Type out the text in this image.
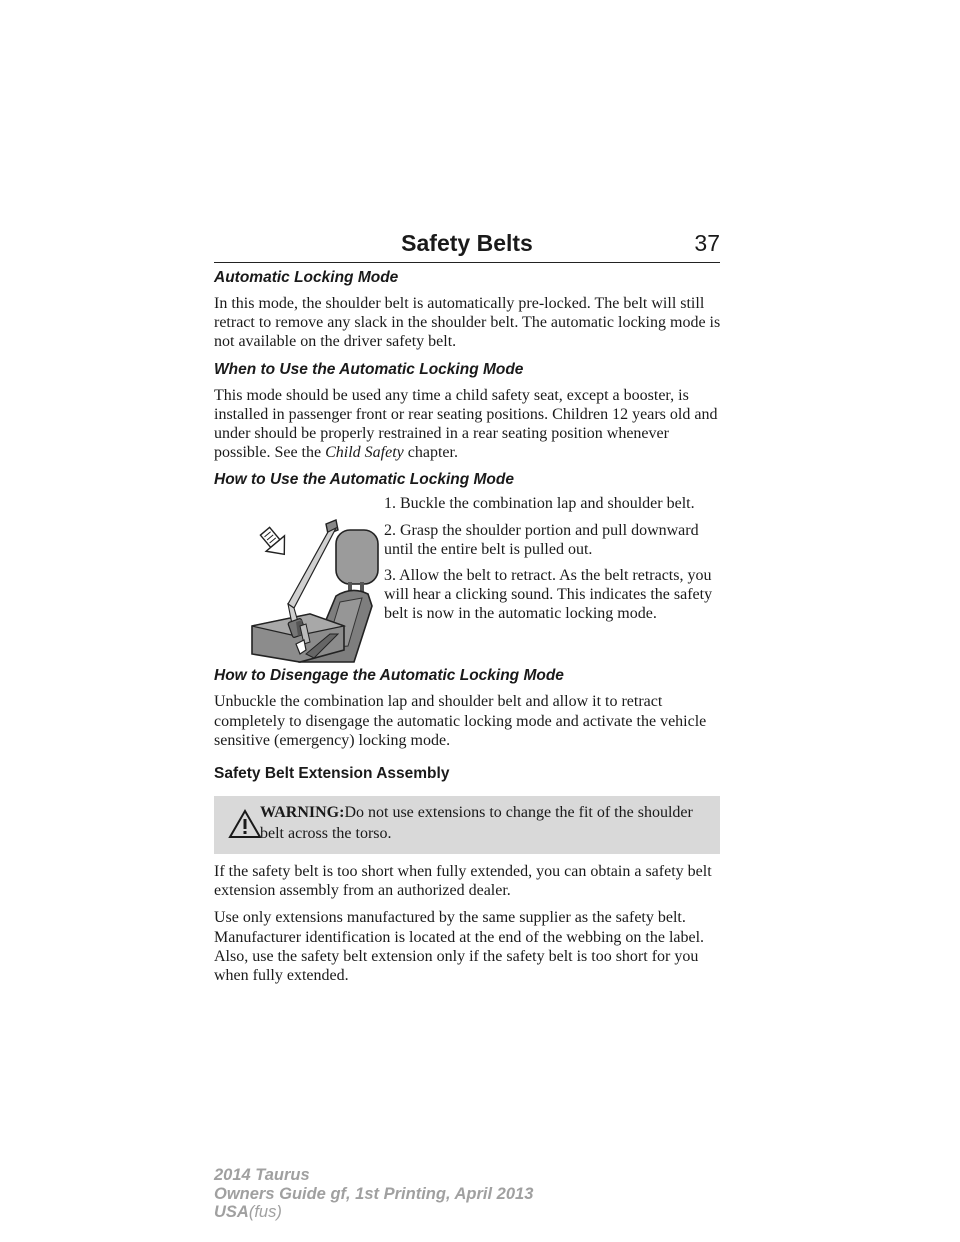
Safety Belts	37
Automatic Locking Mode
In this mode, the shoulder belt is automatically pre-locked. The belt will still retract to remove any slack in the shoulder belt. The automatic locking mode is not available on the driver safety belt.
When to Use the Automatic Locking Mode
This mode should be used any time a child safety seat, except a booster, is installed in passenger front or rear seating positions. Children 12 years old and under should be properly restrained in a rear seating position whenever possible. See the Child Safety chapter.
How to Use the Automatic Locking Mode
1. Buckle the combination lap and shoulder belt.
2. Grasp the shoulder portion and pull downward until the entire belt is pulled out.
3. Allow the belt to retract. As the belt retracts, you will hear a clicking sound. This indicates the safety belt is now in the automatic locking mode.
How to Disengage the Automatic Locking Mode
Unbuckle the combination lap and shoulder belt and allow it to retract completely to disengage the automatic locking mode and activate the vehicle sensitive (emergency) locking mode.
Safety Belt Extension Assembly
WARNING:Do not use extensions to change the fit of the shoulder belt across the torso.
If the safety belt is too short when fully extended, you can obtain a safety belt extension assembly from an authorized dealer.
Use only extensions manufactured by the same supplier as the safety belt. Manufacturer identification is located at the end of the webbing on the label. Also, use the safety belt extension only if the safety belt is too short for you when fully extended.
2014 Taurus
Owners Guide gf, 1st Printing, April 2013
USA(fus)
